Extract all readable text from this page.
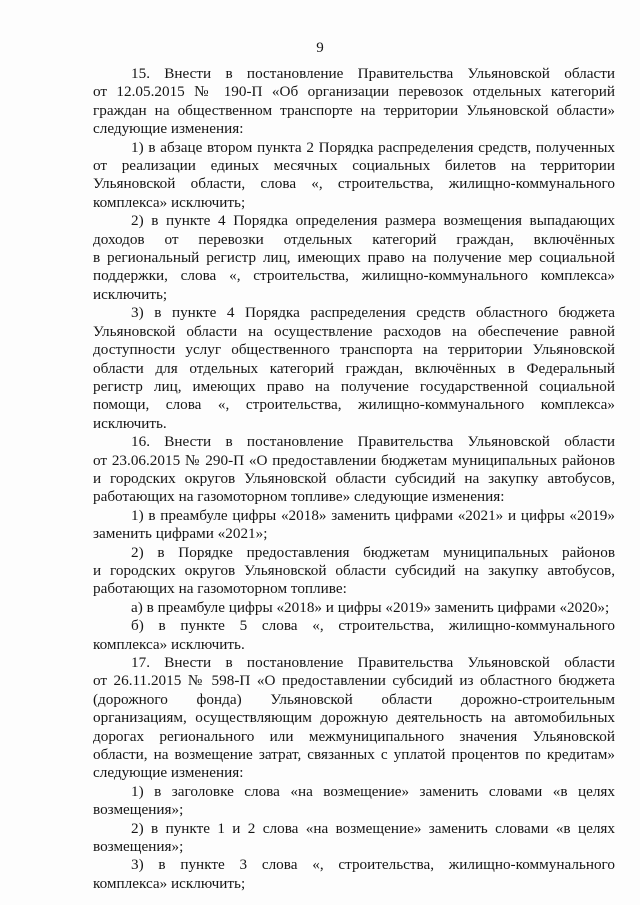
9

15. Внести в постановление Правительства Ульяновской области

от 12.05.2015 № 190-П «Об организации перевозок отдельных категорий

граждан на общественном транспорте на территории Ульяновской области»

следующие изменения:

1) в абзаце втором пункта 2 Порядка распределения средств, полученных

от реализации единых месячных социальных билетов на территории

Ульяновской области, слова «, строительства, жилищно-коммунального

комплекса» исключить;

2) в пункте 4 Порядка определения размера возмещения выпадающих

доходов от перевозки отдельных категорий граждан, включённых

в региональный регистр лиц, имеющих право на получение мер социальной

поддержки, слова «, строительства, жилищно-коммунального комплекса»

исключить;

3) в пункте 4 Порядка распределения средств областного бюджета

Ульяновской области на осуществление расходов на обеспечение равной

доступности услуг общественного транспорта на территории Ульяновской

области для отдельных категорий граждан, включённых в Федеральный

регистр лиц, имеющих право на получение государственной социальной

помощи, слова «, строительства, жилищно-коммунального комплекса»

исключить.

16. Внести в постановление Правительства Ульяновской области

от 23.06.2015 № 290-П «О предоставлении бюджетам муниципальных районов

и городских округов Ульяновской области субсидий на закупку автобусов,

работающих на газомоторном топливе» следующие изменения:

1) в преамбуле цифры «2018» заменить цифрами «2021» и цифры «2019»

заменить цифрами «2021»;

2) в Порядке предоставления бюджетам муниципальных районов

и городских округов Ульяновской области субсидий на закупку автобусов,

работающих на газомоторном топливе:

а) в преамбуле цифры «2018» и цифры «2019» заменить цифрами «2020»;

б) в пункте 5 слова «, строительства, жилищно-коммунального

комплекса» исключить.

17. Внести в постановление Правительства Ульяновской области

от 26.11.2015 № 598-П «О предоставлении субсидий из областного бюджета

(дорожного фонда) Ульяновской области дорожно-строительным

организациям, осуществляющим дорожную деятельность на автомобильных

дорогах регионального или межмуниципального значения Ульяновской

области, на возмещение затрат, связанных с уплатой процентов по кредитам»

следующие изменения:

1) в заголовке слова «на возмещение» заменить словами «в целях

возмещения»;

2) в пункте 1 и 2 слова «на возмещение» заменить словами «в целях

возмещения»;

3) в пункте 3 слова «, строительства, жилищно-коммунального

комплекса» исключить;
